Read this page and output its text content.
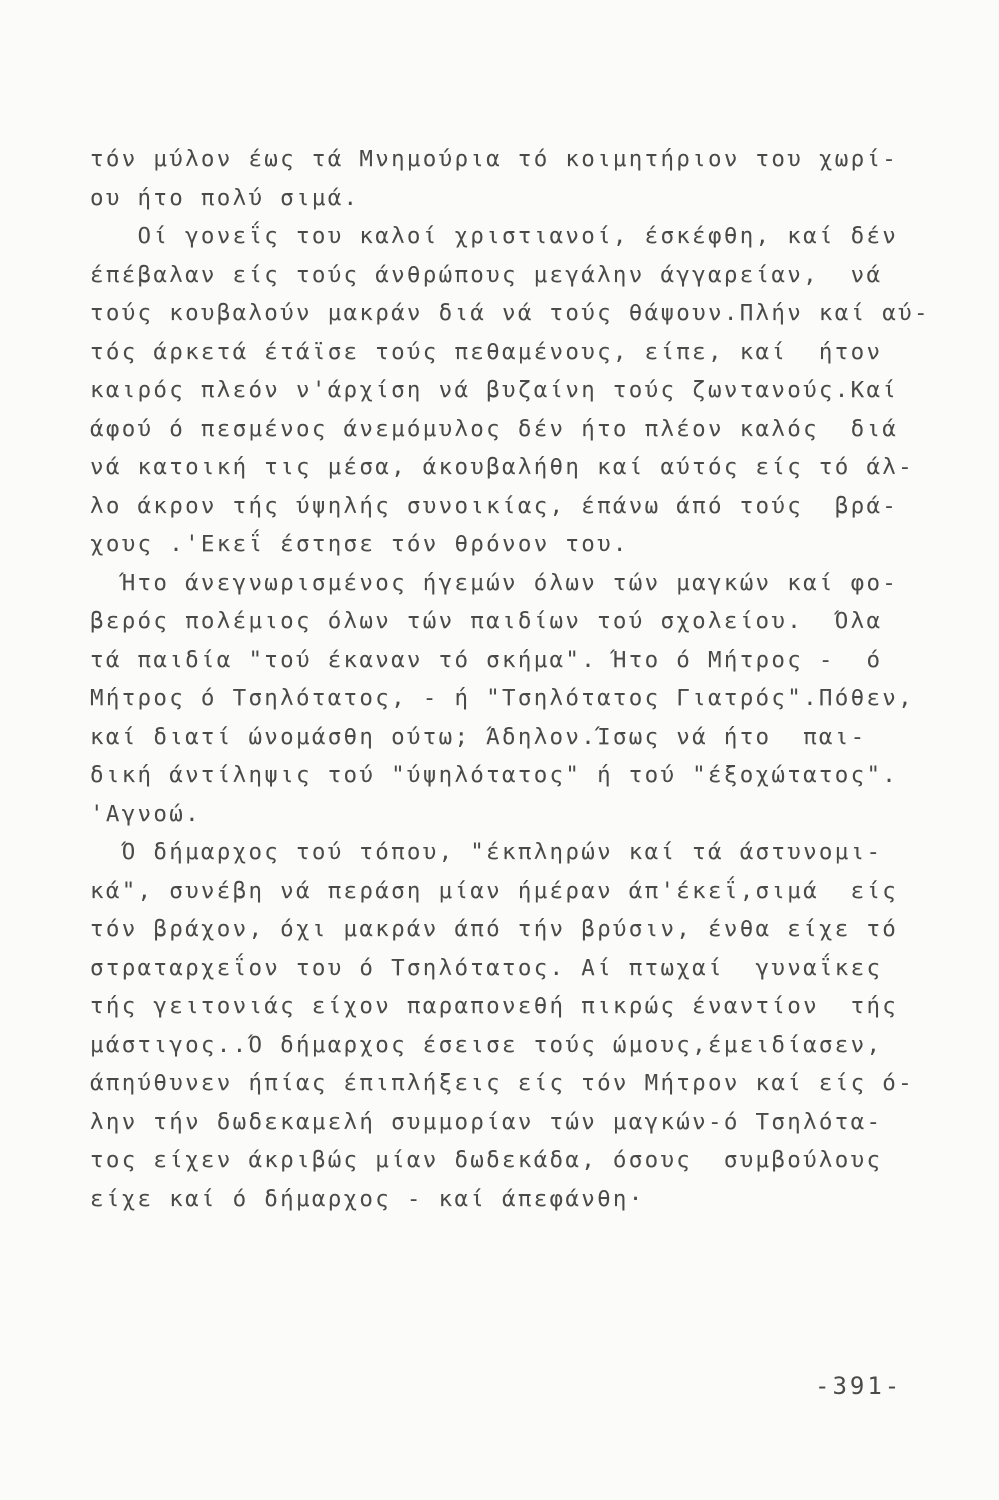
τόν μύλον έως τά Μνημούρια τό κοιμητήριον του χωρί-
ου ήτο πολύ σιμά.
Οί γονεΐς του καλοί χριστιανοί, έσκέφθη, καί δέν
έπέβαλαν είς τούς άνθρώπους μεγάλην άγγαρείαν,  νά
τούς κουβαλούν μακράν διά νά τούς θάψουν.Πλήν καί αύ-
τός άρκετά έτάϊσε τούς πεθαμένους, είπε, καί  ήτον
καιρός πλεόν ν'άρχίση νά βυζαίνη τούς ζωντανούς.Καί
άφού ό πεσμένος άνεμόμυλος δέν ήτο πλέον καλός  διά
νά κατοική τις μέσα, άκουβαλήθη καί αύτός είς τό άλ-
λο άκρον τής ύψηλής συνοικίας, έπάνω άπό τούς  βρά-
χους .'Εκεΐ έστησε τόν θρόνον του.
Ήτο άνεγνωρισμένος ήγεμών όλων τών μαγκών καί φο-
βερός πολέμιος όλων τών παιδίων τού σχολείου.  Όλα
τά παιδία "τού έκαναν τό σκήμα". Ήτο ό Μήτρος -  ό
Μήτρος ό Τσηλότατος, - ή "Τσηλότατος Γιατρός".Πόθεν,
καί διατί ώνομάσθη ούτω; Άδηλον.Ίσως νά ήτο  παι-
δική άντίληψις τού "ύψηλότατος" ή τού "έξοχώτατος".
'Αγνοώ.
Ό δήμαρχος τού τόπου, "έκπληρών καί τά άστυνομι-
κά", συνέβη νά περάση μίαν ήμέραν άπ'έκεΐ,σιμά  είς
τόν βράχον, όχι μακράν άπό τήν βρύσιν, ένθα είχε τό
στραταρχεΐον του ό Τσηλότατος. Αί πτωχαί  γυναΐκες
τής γειτονιάς είχον παραπονεθή πικρώς έναντίον  τής
μάστιγος..Ό δήμαρχος έσεισε τούς ώμους,έμειδίασεν,
άπηύθυνεν ήπίας έπιπλήξεις είς τόν Μήτρον καί είς ό-
λην τήν δωδεκαμελή συμμορίαν τών μαγκών-ό Τσηλότα-
τος είχεν άκριβώς μίαν δωδεκάδα, όσους  συμβούλους
είχε καί ό δήμαρχος - καί άπεφάνθη·
-391-
